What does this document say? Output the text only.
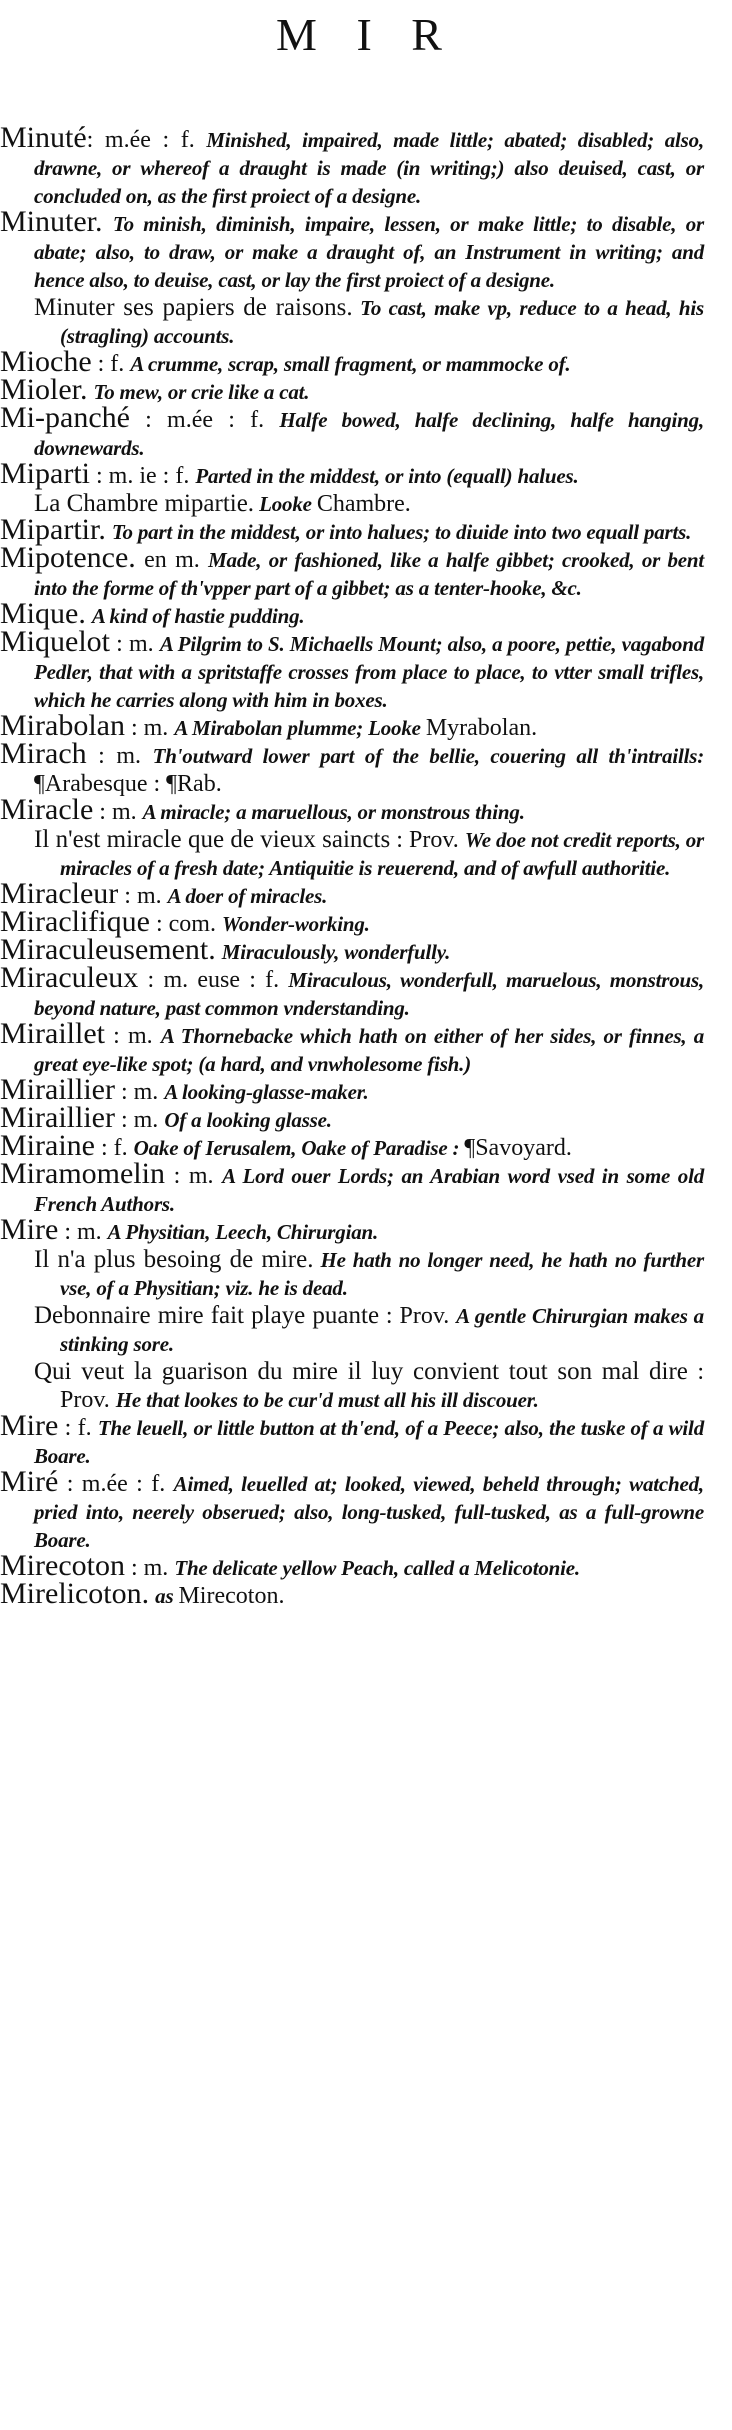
M I R

Minuté: m.ée : f. Minished, impaired, made little; abated; disabled; also, drawne, or whereof a draught is made (in writing;) also deuised, cast, or concluded on, as the first proiect of a designe.

Minuter. To minish, diminish, impaire, lessen, or make little; to disable, or abate; also, to draw, or make a draught of, an Instrument in writing; and hence also, to deuise, cast, or lay the first proiect of a designe.

Minuter ses papiers de raisons. To cast, make vp, reduce to a head, his (stragling) accounts.

Mioche : f. A crumme, scrap, small fragment, or mammocke of.

Mioler. To mew, or crie like a cat.

Mi-panché : m.ée : f. Halfe bowed, halfe declining, halfe hanging, downewards.

Miparti : m. ie : f. Parted in the middest, or into (equall) halues.

La Chambre mipartie. Looke Chambre.

Mipartir. To part in the middest, or into halues; to diuide into two equall parts.

Mipotence. en m. Made, or fashioned, like a halfe gibbet; crooked, or bent into the forme of th'vpper part of a gibbet; as a tenter-hooke, &c.

Mique. A kind of hastie pudding.

Miquelot : m. A Pilgrim to S. Michaells Mount; also, a poore, pettie, vagabond Pedler, that with a spritstaffe crosses from place to place, to vtter small trifles, which he carries along with him in boxes.

Mirabolan : m. A Mirabolan plumme; Looke Myrabolan.

Mirach : m. Th'outward lower part of the bellie, couering all th'intraills: ¶Arabesque : ¶Rab.

Miracle : m. A miracle; a maruellous, or monstrous thing.

Il n'est miracle que de vieux saincts : Prov. We doe not credit reports, or miracles of a fresh date; Antiquitie is reuerend, and of awfull authoritie.

Miracleur : m. A doer of miracles.

Miraclifique : com. Wonder-working.

Miraculeusement. Miraculously, wonderfully.

Miraculeux : m. euse : f. Miraculous, wonderfull, maruelous, monstrous, beyond nature, past common vnderstanding.

Miraillet : m. A Thornebacke which hath on either of her sides, or finnes, a great eye-like spot; (a hard, and vnwholesome fish.)

Miraillier : m. A looking-glasse-maker.

Miraillier : m. Of a looking glasse.

Miraine : f. Oake of Ierusalem, Oake of Paradise : ¶Savoyard.

Miramomelin : m. A Lord ouer Lords; an Arabian word vsed in some old French Authors.

Mire : m. A Physitian, Leech, Chirurgian.

Il n'a plus besoing de mire. He hath no longer need, he hath no further vse, of a Physitian; viz. he is dead.

Debonnaire mire fait playe puante : Prov. A gentle Chirurgian makes a stinking sore.

Qui veut la guarison du mire il luy convient tout son mal dire : Prov. He that lookes to be cur'd must all his ill discouer.

Mire : f. The leuell, or little button at th'end, of a Peece; also, the tuske of a wild Boare.

Miré : m.ée : f. Aimed, leuelled at; looked, viewed, beheld through; watched, pried into, neerely obserued; also, long-tusked, full-tusked, as a full-growne Boare.

Mirecoton : m. The delicate yellow Peach, called a Melicotonie.

Mirelicoton. as Mirecoton.
